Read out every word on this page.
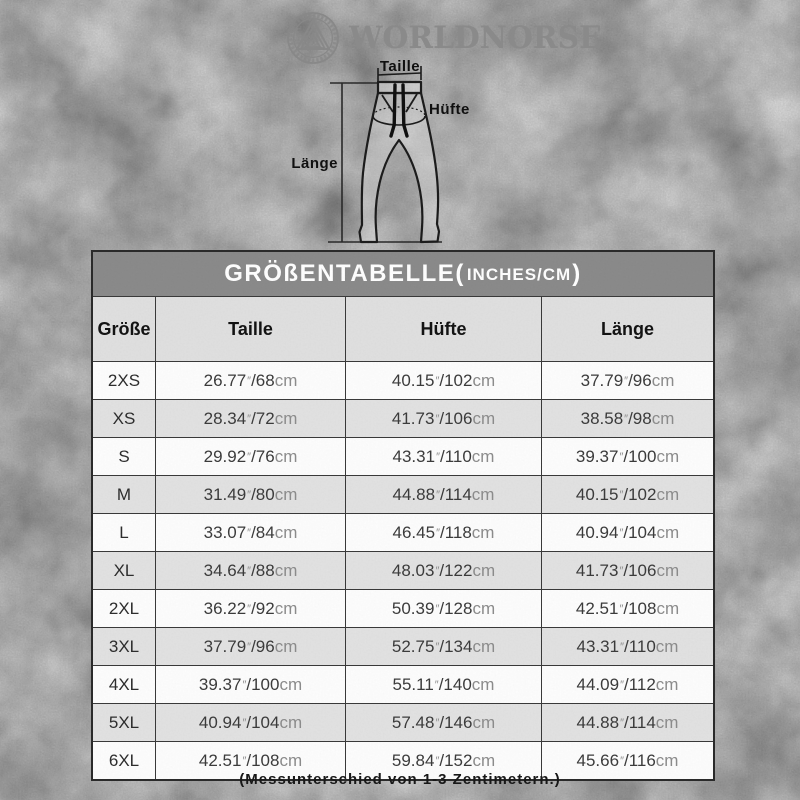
WORLDNORSE
Taille
Hüfte
Länge
GRÖßENTABELLE( INCHES/CM )
Größe	Taille	Hüfte	Länge
2XS	26.77 ″ /68 cm	40.15 ″ /102 cm	37.79 ″ /96 cm
XS	28.34 ″ /72 cm	41.73 ″ /106 cm	38.58 ″ /98 cm
S	29.92 ″ /76 cm	43.31 ″ /110 cm	39.37 ″ /100 cm
M	31.49 ″ /80 cm	44.88 ″ /114 cm	40.15 ″ /102 cm
L	33.07 ″ /84 cm	46.45 ″ /118 cm	40.94 ″ /104 cm
XL	34.64 ″ /88 cm	48.03 ″ /122 cm	41.73 ″ /106 cm
2XL	36.22 ″ /92 cm	50.39 ″ /128 cm	42.51 ″ /108 cm
3XL	37.79 ″ /96 cm	52.75 ″ /134 cm	43.31 ″ /110 cm
4XL	39.37 ″ /100 cm	55.11 ″ /140 cm	44.09 ″ /112 cm
5XL	40.94 ″ /104 cm	57.48 ″ /146 cm	44.88 ″ /114 cm
6XL	42.51 ″ /108 cm	59.84 ″ /152 cm	45.66 ″ /116 cm
(Messunterschied von 1-3 Zentimetern.)
